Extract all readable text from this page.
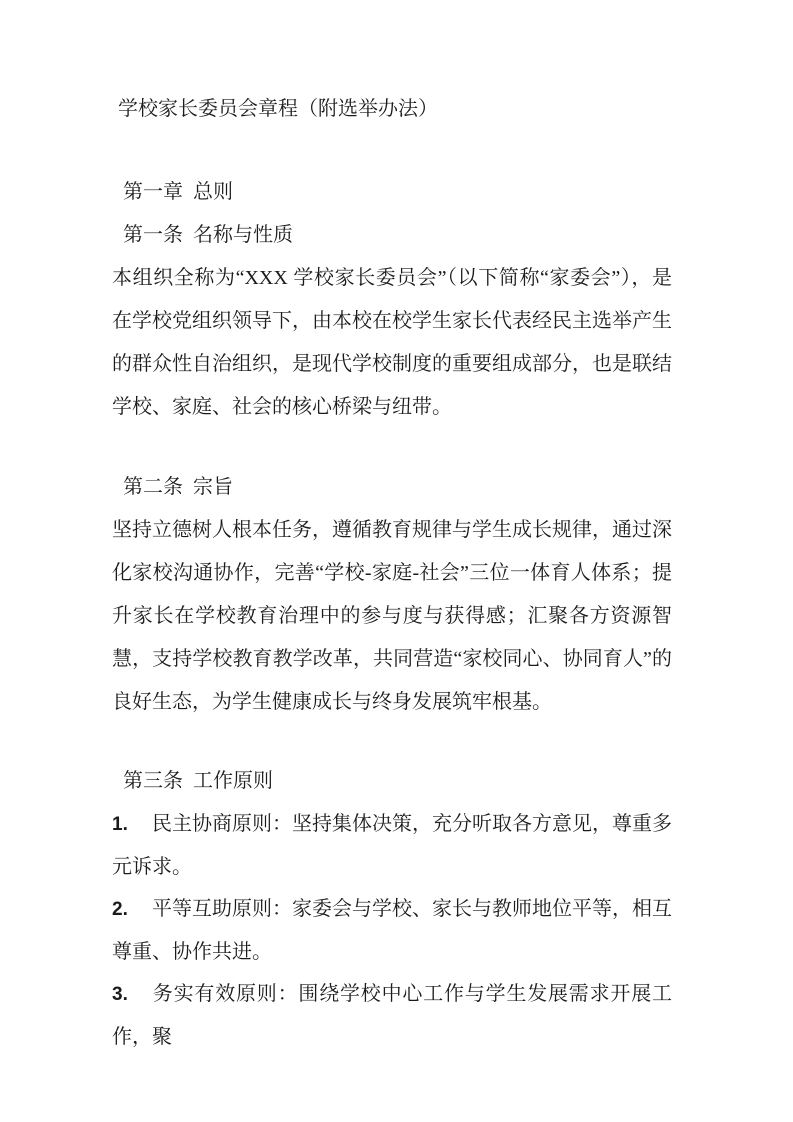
学校家长委员会章程（附选举办法）
第一章  总则
第一条  名称与性质

本组织全称为“XXX 学校家长委员会”（以下简称“家委会”），是在学校党组织领导下，由本校在校学生家长代表经民主选举产生的群众性自治组织，是现代学校制度的重要组成部分，也是联结学校、家庭、社会的核心桥梁与纽带。

第二条  宗旨

坚持立德树人根本任务，遵循教育规律与学生成长规律，通过深化家校沟通协作，完善“学校-家庭-社会”三位一体育人体系；提升家长在学校教育治理中的参与度与获得感；汇聚各方资源智慧，支持学校教育教学改革，共同营造“家校同心、协同育人”的良好生态，为学生健康成长与终身发展筑牢根基。

第三条  工作原则

1. 民主协商原则：坚持集体决策，充分听取各方意见，尊重多元诉求。

2. 平等互助原则：家委会与学校、家长与教师地位平等，相互尊重、协作共进。

3. 务实有效原则：围绕学校中心工作与学生发展需求开展工作，聚
